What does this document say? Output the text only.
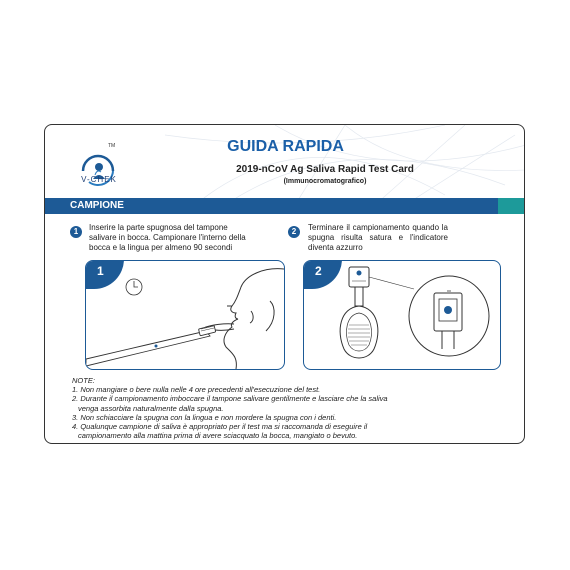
TM
V-CHEK
GUIDA RAPIDA
2019-nCoV Ag Saliva Rapid Test Card
(Immunocromatografico)
CAMPIONE
1	Inserire la parte spugnosa del tampone
salivare in bocca. Campionare l'interno della
bocca e la lingua per almeno 90 secondi
2	Terminare il campionamento quando la
spugna risulta satura e l'indicatore
diventa azzurro
1	2
NOTE:
1. Non mangiare o bere nulla nelle 4 ore precedenti all'esecuzione del test.
2. Durante il campionamento imboccare il tampone salivare gentilmente e lasciare che la saliva
venga assorbita naturalmente dalla spugna.
3. Non schiacciare la spugna con la lingua e non mordere la spugna con i denti.
4. Qualunque campione di saliva è appropriato per il test ma si raccomanda di eseguire il
campionamento alla mattina prima di avere sciacquato la bocca, mangiato o bevuto.
